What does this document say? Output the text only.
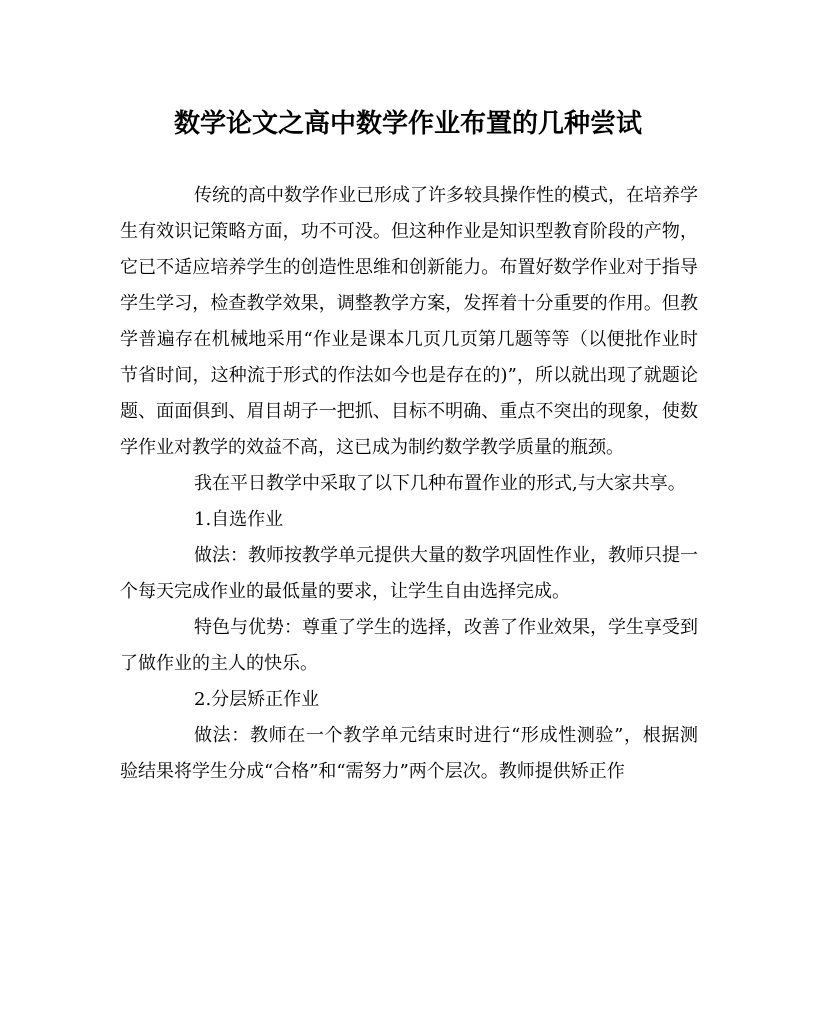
数学论文之高中数学作业布置的几种尝试

传统的高中数学作业已形成了许多较具操作性的模式，在培养学生有效识记策略方面，功不可没。但这种作业是知识型教育阶段的产物，它已不适应培养学生的创造性思维和创新能力。布置好数学作业对于指导学生学习，检查教学效果，调整教学方案，发挥着十分重要的作用。但教学普遍存在机械地采用“作业是课本几页几页第几题等等（以便批作业时节省时间，这种流于形式的作法如今也是存在的)”，所以就出现了就题论题、面面俱到、眉目胡子一把抓、目标不明确、重点不突出的现象，使数学作业对教学的效益不高，这已成为制约数学教学质量的瓶颈。

我在平日教学中采取了以下几种布置作业的形式,与大家共享。

1.自选作业

做法：教师按教学单元提供大量的数学巩固性作业，教师只提一个每天完成作业的最低量的要求，让学生自由选择完成。

特色与优势：尊重了学生的选择，改善了作业效果，学生享受到了做作业的主人的快乐。

2.分层矫正作业

做法：教师在一个教学单元结束时进行“形成性测验”，根据测验结果将学生分成“合格”和“需努力”两个层次。教师提供矫正作
